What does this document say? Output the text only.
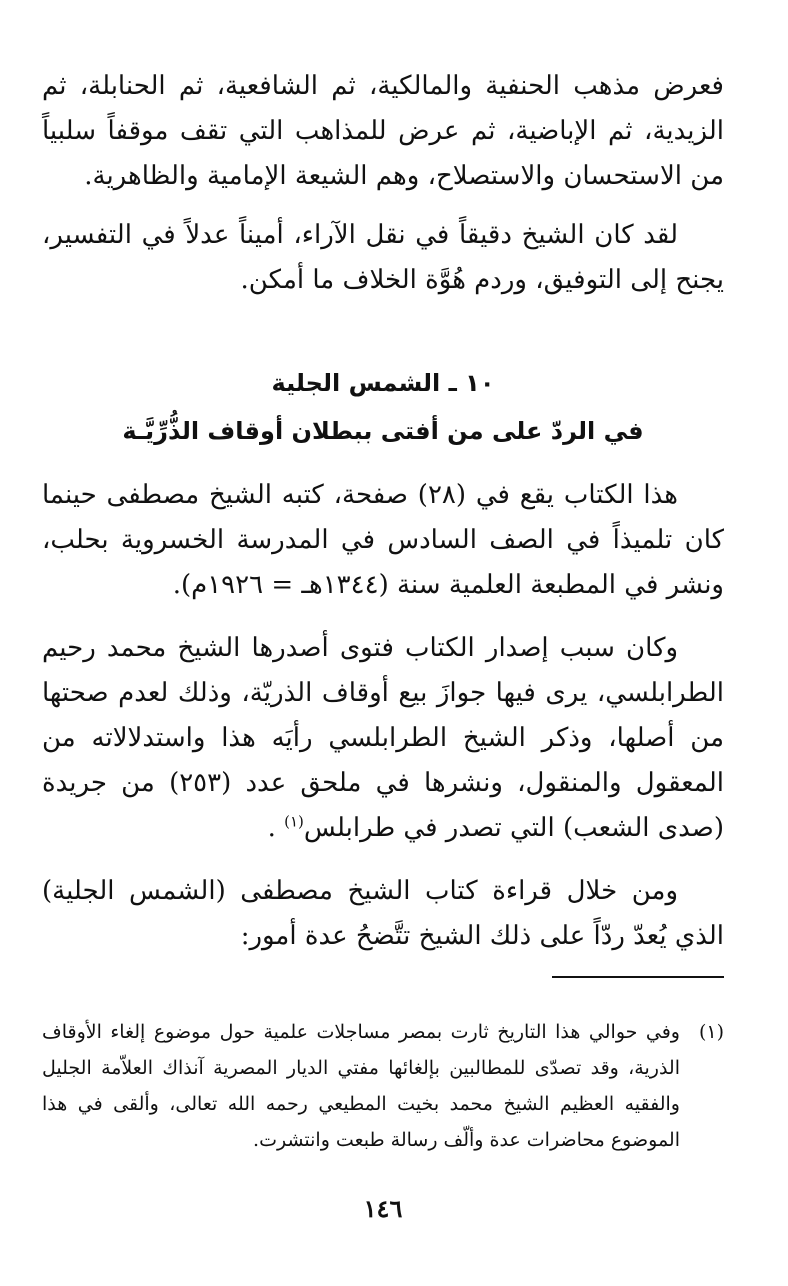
فعرض مذهب الحنفية والمالكية، ثم الشافعية، ثم الحنابلة، ثم الزيدية، ثم الإباضية، ثم عرض للمذاهب التي تقف موقفاً سلبياً من الاستحسان والاستصلاح، وهم الشيعة الإمامية والظاهرية.

لقد كان الشيخ دقيقاً في نقل الآراء، أميناً عدلاً في التفسير، يجنح إلى التوفيق، وردم هُوَّة الخلاف ما أمكن.

١٠ ـ الشمس الجلية
في الردّ على من أفتى ببطلان أوقاف الذُّرِّيَّـة

هذا الكتاب يقع في (٢٨) صفحة، كتبه الشيخ مصطفى حينما كان تلميذاً في الصف السادس في المدرسة الخسروية بحلب، ونشر في المطبعة العلمية سنة (١٣٤٤هـ = ١٩٢٦م).

وكان سبب إصدار الكتاب فتوى أصدرها الشيخ محمد رحيم الطرابلسي، يرى فيها جوازَ بيع أوقاف الذريّة، وذلك لعدم صحتها من أصلها، وذكر الشيخ الطرابلسي رأيَه هذا واستدلالاته من المعقول والمنقول، ونشرها في ملحق عدد (٢٥٣) من جريدة (صدى الشعب) التي تصدر في طرابلس$^{(١)}$ .

ومن خلال قراءة كتاب الشيخ مصطفى (الشمس الجلية) الذي يُعدّ ردّاً على ذلك الشيخ تتَّضحُ عدة أمور:

(١)
وفي حوالي هذا التاريخ ثارت بمصر مساجلات علمية حول موضوع إلغاء الأوقاف الذرية، وقد تصدّى للمطالبين بإلغائها مفتي الديار المصرية آنذاك العلاّمة الجليل والفقيه العظيم الشيخ محمد بخيت المطيعي رحمه الله تعالى، وألقى في هذا الموضوع محاضرات عدة وألّف رسالة طبعت وانتشرت.
١٤٦
